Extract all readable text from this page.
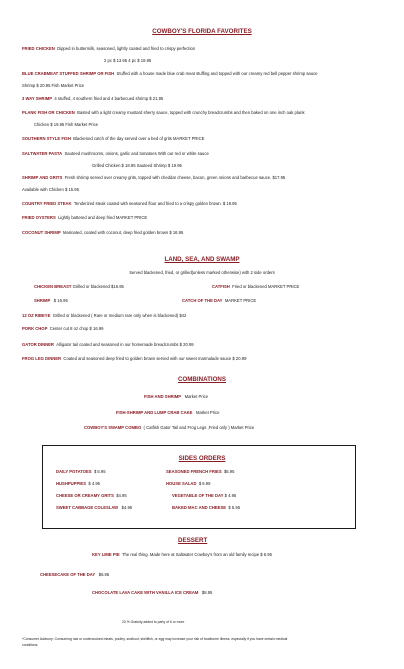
COWBOY'S FLORIDA FAVORITES
FRIED CHICKEN Dipped in buttermilk, seasoned, lightly coated and fried to crispy perfection
2 pc $ 13.95 4 pc $ 18.95
BLUE CRABMEAT STUFFED SHRIMP OR FISH Stuffed with a house made blue crab meat stuffing and topped with our creamy red bell pepper shrimp sauce
Shrimp $ 20.95 Fish Market Price
3 WAY SHRIMP 4 stuffed, 4 southern fried and 4 barbecued shrimp $ 21.95
PLANK FISH OR CHICKEN Basted with a light creamy mustard sherry sauce, topped with crunchy breadcrumbs and then baked on one inch oak plank
Chicken $ 19.95 Fish Market Price
SOUTHERN STYLE FISH Blackened catch of the day served over a bed of grits MARKET PRICE
SALTWATER PASTA Sauteed mushrooms, onions, garlic and tomatoes With our red or white sauce
Grilled Chicken $ 18.95 Sauteed Shrimp $ 19.95
SHRIMP AND GRITS Fresh shrimp served over creamy grits, topped with cheddar cheese, bacon, green onions and barbecue sauce. $17.95
Available with Chicken $ 15.95
COUNTRY FRIED STEAK Tenderized steak coated with seasoned flour and fried to a crispy golden brown. $ 19.95
FRIED OYSTERS Lightly battered and deep fried MARKET PRICE
COCONUT SHRIMP Marinated, coated with coconut, deep fried golden brown $ 16.95
LAND, SEA, AND SWAMP
Served blackened, fried, or grilled(unless marked otherwise) with 2 side orders
CHICKEN BREAST Grilled or blackened $16.95	CATFISH Fried or blackened MARKET PRICE
SHRIMP $ 16.95	CATCH OF THE DAY MARKET PRICE
12 OZ RIBEYE Grilled or blackened ( Rare or medium rare only when is blackened) $42
PORK CHOP Center cut 8 oz chop $ 16.99
GATOR DINNER Alligator tail coated and seasoned in our homemade breadcrumbs $ 20.99
FROG LEG DINNER Coated and seasoned deep fried to golden brown served with our sweet marmalade sauce $ 20.99
COMBINATIONS
FISH AND SHRIMP Market Price
FISH-SHRIMP AND LUMP CRAB CAKE Market Price
COWBOY'S SWAMP COMBO ( Catfish Gator Tail and Frog Legs ,Fried only ) Market Price
SIDES ORDERS
DAILY POTATOES $ 5.95
HUSHPUPPIES $ 4.95
CHEESE OR CREAMY GRITS $4.95
SWEET CABBAGE COLESLAW $4.95
SEASONED FRENCH FRIES $5.95
HOUSE SALAD $ 6.99
VEGETABLE OF THE DAY $ 4.95
BAKED MAC AND CHEESE $ 5.95
DESSERT
KEY LIME PIE The real thing. Made here at Saltwater Cowboy's from an old family recipe $ 6.95
CHEESECAKE OF THE DAY $6.95
CHOCOLATE LAVA CAKE WITH VANILLA ICE CREAM $8.95
20 % Gratuity added to party of 6 or more
*Consumer Advisory: Consuming raw or undercooked meats, poultry, seafood, shellfish, or egg may increase your risk of foodborne illness, especially if you have certain medical
conditions.
